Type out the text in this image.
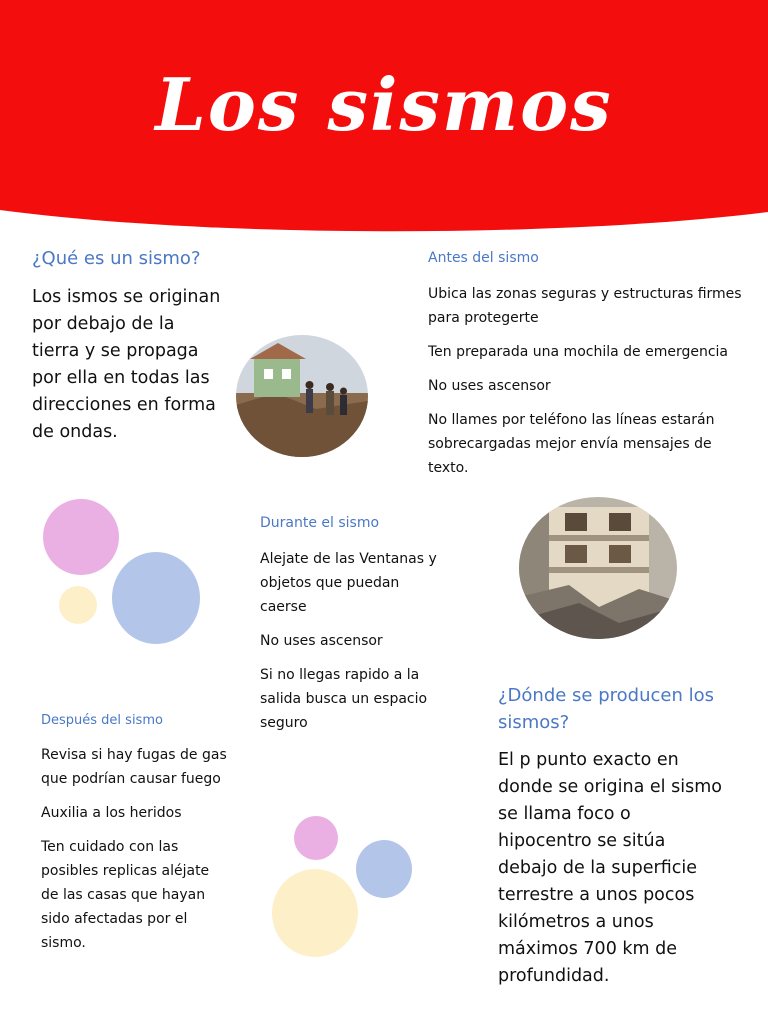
Los sismos
¿Qué es un sismo?

Los ismos se originan por debajo de la tierra y se propaga por ella en todas las direcciones en forma de ondas.

Antes del sismo

Ubica las zonas seguras y estructuras firmes para protegerte

Ten preparada una mochila de emergencia

No uses ascensor

No llames por teléfono las líneas estarán sobrecargadas mejor envía mensajes de texto.

Durante el sismo

Alejate de las Ventanas y objetos que puedan caerse

No uses ascensor

Si no llegas rapido a la salida busca un espacio seguro

Después del sismo

Revisa si hay fugas de gas que podrían causar fuego

Auxilia a los heridos

Ten cuidado con las posibles replicas aléjate de las casas que hayan sido afectadas por el sismo.

¿Dónde se producen los sismos?

El p punto exacto en donde se origina el sismo se llama foco o hipocentro se sitúa debajo de la superficie terrestre a unos pocos kilómetros a unos máximos 700 km de profundidad.
